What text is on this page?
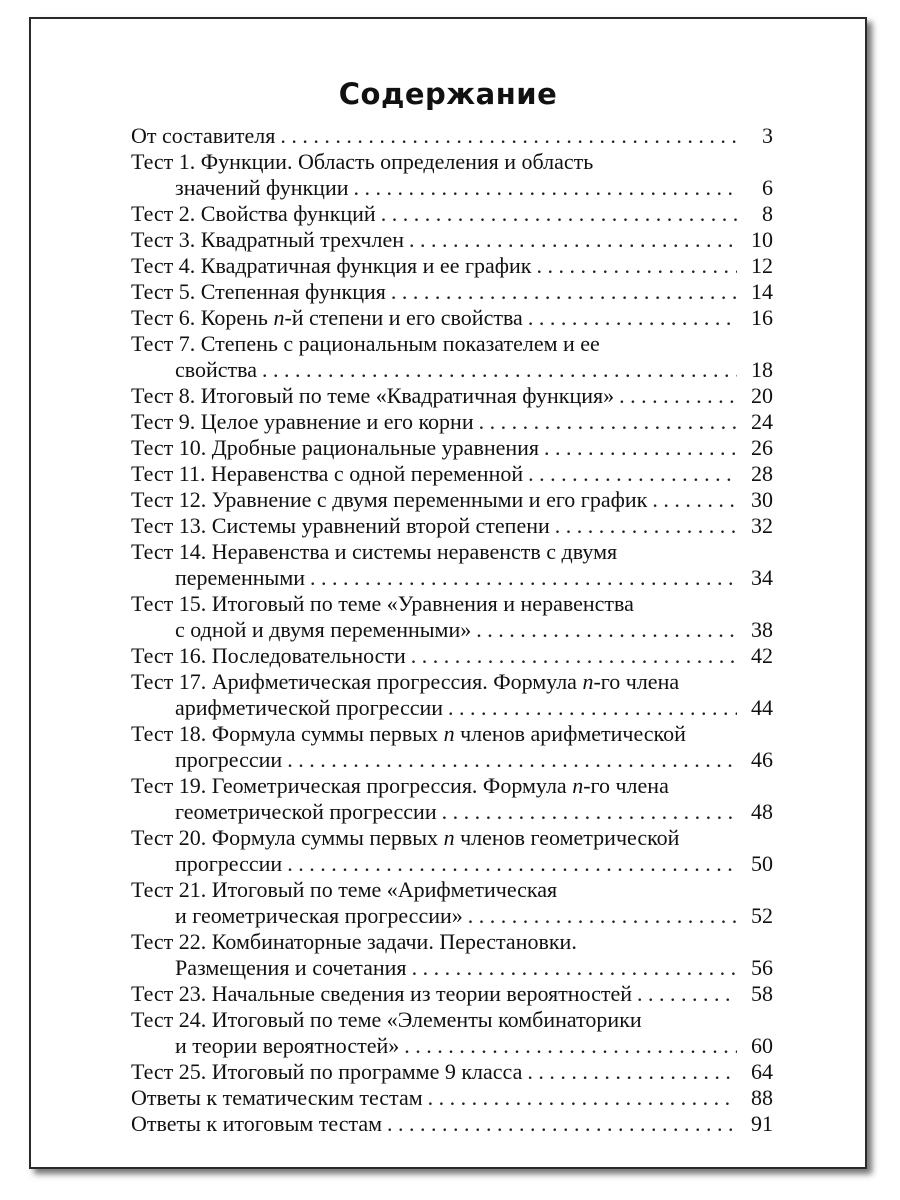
Содержание
От составителя . . .	3
Тест 1. Функции. Область определения и область
значений функции . . .	6
Тест 2. Свойства функций . . .	8
Тест 3. Квадратный трехчлен . . .	10
Тест 4. Квадратичная функция и ее график . . .	12
Тест 5. Степенная функция . . .	14
Тест 6. Корень n-й степени и его свойства . . .	16
Тест 7. Степень с рациональным показателем и ее
свойства . . .	18
Тест 8. Итоговый по теме «Квадратичная функция» . . .	20
Тест 9. Целое уравнение и его корни . . .	24
Тест 10. Дробные рациональные уравнения . . .	26
Тест 11. Неравенства с одной переменной . . .	28
Тест 12. Уравнение с двумя переменными и его график . . .	30
Тест 13. Системы уравнений второй степени . . .	32
Тест 14. Неравенства и системы неравенств с двумя
переменными . . .	34
Тест 15. Итоговый по теме «Уравнения и неравенства
с одной и двумя переменными» . . .	38
Тест 16. Последовательности . . .	42
Тест 17. Арифметическая прогрессия. Формула n-го члена
арифметической прогрессии . . .	44
Тест 18. Формула суммы первых n членов арифметической
прогрессии . . .	46
Тест 19. Геометрическая прогрессия. Формула n-го члена
геометрической прогрессии . . .	48
Тест 20. Формула суммы первых n членов геометрической
прогрессии . . .	50
Тест 21. Итоговый по теме «Арифметическая
и геометрическая прогрессии» . . .	52
Тест 22. Комбинаторные задачи. Перестановки.
Размещения и сочетания . . .	56
Тест 23. Начальные сведения из теории вероятностей . . .	58
Тест 24. Итоговый по теме «Элементы комбинаторики
и теории вероятностей» . . .	60
Тест 25. Итоговый по программе 9 класса . . .	64
Ответы к тематическим тестам . . .	88
Ответы к итоговым тестам . . .	91
